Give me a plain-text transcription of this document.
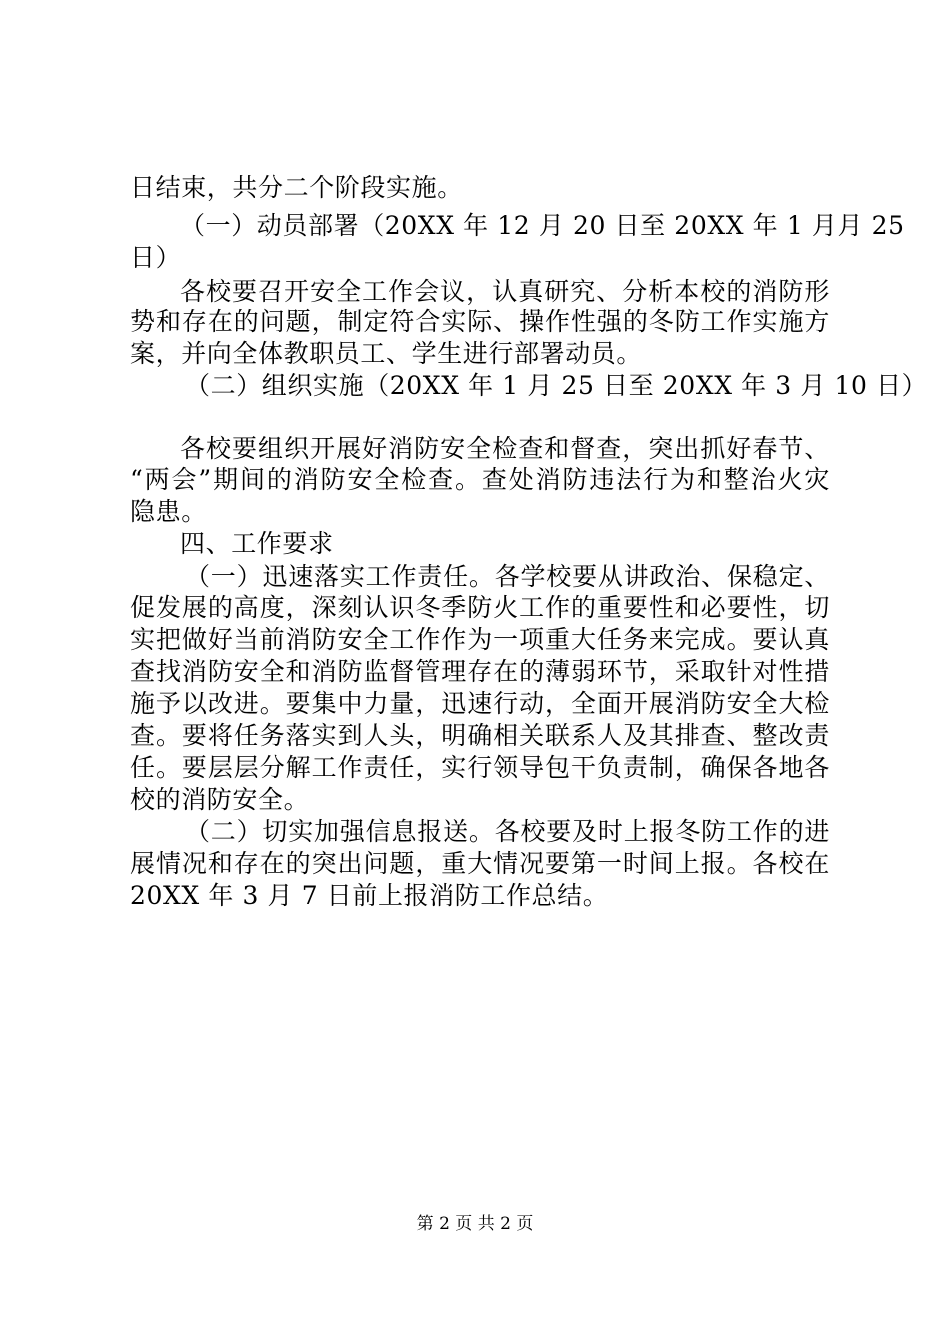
日结束，共分二个阶段实施。
（一）动员部署（20XX 年 12 月 20 日至 20XX 年 1 月月 25
日）
各校要召开安全工作会议，认真研究、分析本校的消防形
势和存在的问题，制定符合实际、操作性强的冬防工作实施方
案，并向全体教职员工、学生进行部署动员。
（二）组织实施（20XX 年 1 月 25 日至 20XX 年 3 月 10 日）
各校要组织开展好消防安全检查和督查，突出抓好春节、
“两会”期间的消防安全检查。查处消防违法行为和整治火灾
隐患。
四、工作要求
（一）迅速落实工作责任。各学校要从讲政治、保稳定、
促发展的高度，深刻认识冬季防火工作的重要性和必要性，切
实把做好当前消防安全工作作为一项重大任务来完成。要认真
查找消防安全和消防监督管理存在的薄弱环节，采取针对性措
施予以改进。要集中力量，迅速行动，全面开展消防安全大检
查。要将任务落实到人头，明确相关联系人及其排查、整改责
任。要层层分解工作责任，实行领导包干负责制，确保各地各
校的消防安全。
（二）切实加强信息报送。各校要及时上报冬防工作的进
展情况和存在的突出问题，重大情况要第一时间上报。各校在
20XX 年 3 月 7 日前上报消防工作总结。
第 2 页 共 2 页
